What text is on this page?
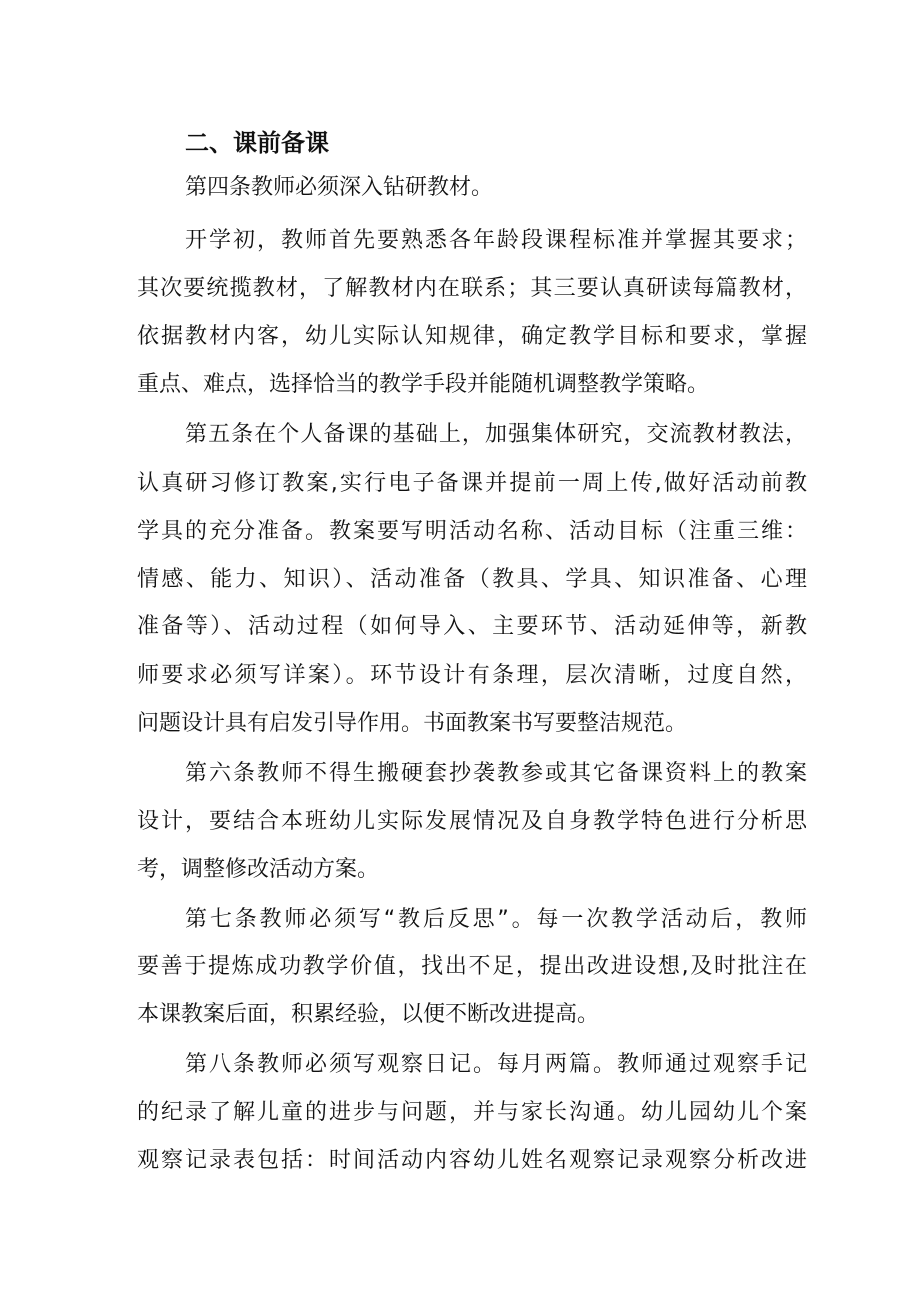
二、课前备课
第四条教师必须深入钻研教材。
开学初，教师首先要熟悉各年龄段课程标准并掌握其要求；
其次要统揽教材，了解教材内在联系；其三要认真研读每篇教材，
依据教材内客，幼儿实际认知规律，确定教学目标和要求，掌握
重点、难点，选择恰当的教学手段并能随机调整教学策略。
第五条在个人备课的基础上，加强集体研究，交流教材教法，
认真研习修订教案,实行电子备课并提前一周上传,做好活动前教
学具的充分准备。教案要写明活动名称、活动目标（注重三维：
情感、能力、知识）、活动准备（教具、学具、知识准备、心理
准备等）、活动过程（如何导入、主要环节、活动延伸等，新教
师要求必须写详案）。环节设计有条理，层次清晰，过度自然，
问题设计具有启发引导作用。书面教案书写要整洁规范。
第六条教师不得生搬硬套抄袭教参或其它备课资料上的教案
设计，要结合本班幼儿实际发展情况及自身教学特色进行分析思
考，调整修改活动方案。
第七条教师必须写“教后反思”。每一次教学活动后，教师
要善于提炼成功教学价值，找出不足，提出改进设想,及时批注在
本课教案后面，积累经验，以便不断改进提高。
第八条教师必须写观察日记。每月两篇。教师通过观察手记
的纪录了解儿童的进步与问题，并与家长沟通。幼儿园幼儿个案
观察记录表包括：时间活动内容幼儿姓名观察记录观察分析改进
